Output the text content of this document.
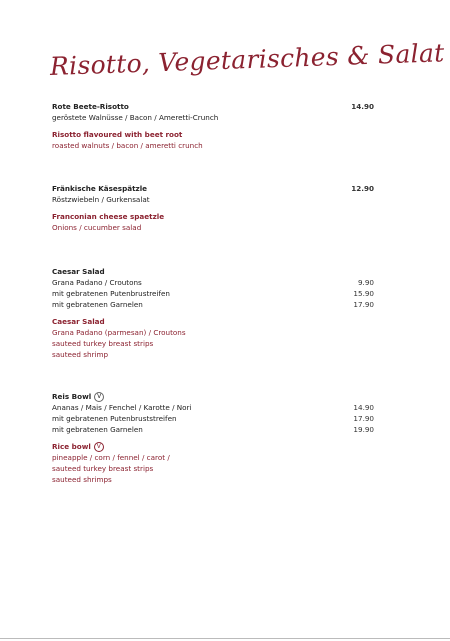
Risotto, Vegetarisches & Salat
Rote Beete-Risotto	14.90
geröstete Walnüsse / Bacon / Ameretti-Crunch
Risotto flavoured with beet root
roasted walnuts / bacon / ameretti crunch
Fränkische Käsespätzle	12.90
Röstzwiebeln / Gurkensalat
Franconian cheese spaetzle
Onions / cucumber salad
Caesar Salad
Grana Padano / Croutons	9.90
mit gebratenen Putenbrustreifen	15.90
mit gebratenen Garnelen	17.90
Caesar Salad
Grana Padano (parmesan) / Croutons
sauteed turkey breast strips
sauteed shrimp
Reis Bowl V
Ananas / Mais / Fenchel / Karotte / Nori	14.90
mit gebratenen Putenbruststreifen	17.90
mit gebratenen Garnelen	19.90
Rice bowl V
pineapple / corn / fennel / carot /
sauteed turkey breast strips
sauteed shrimps
